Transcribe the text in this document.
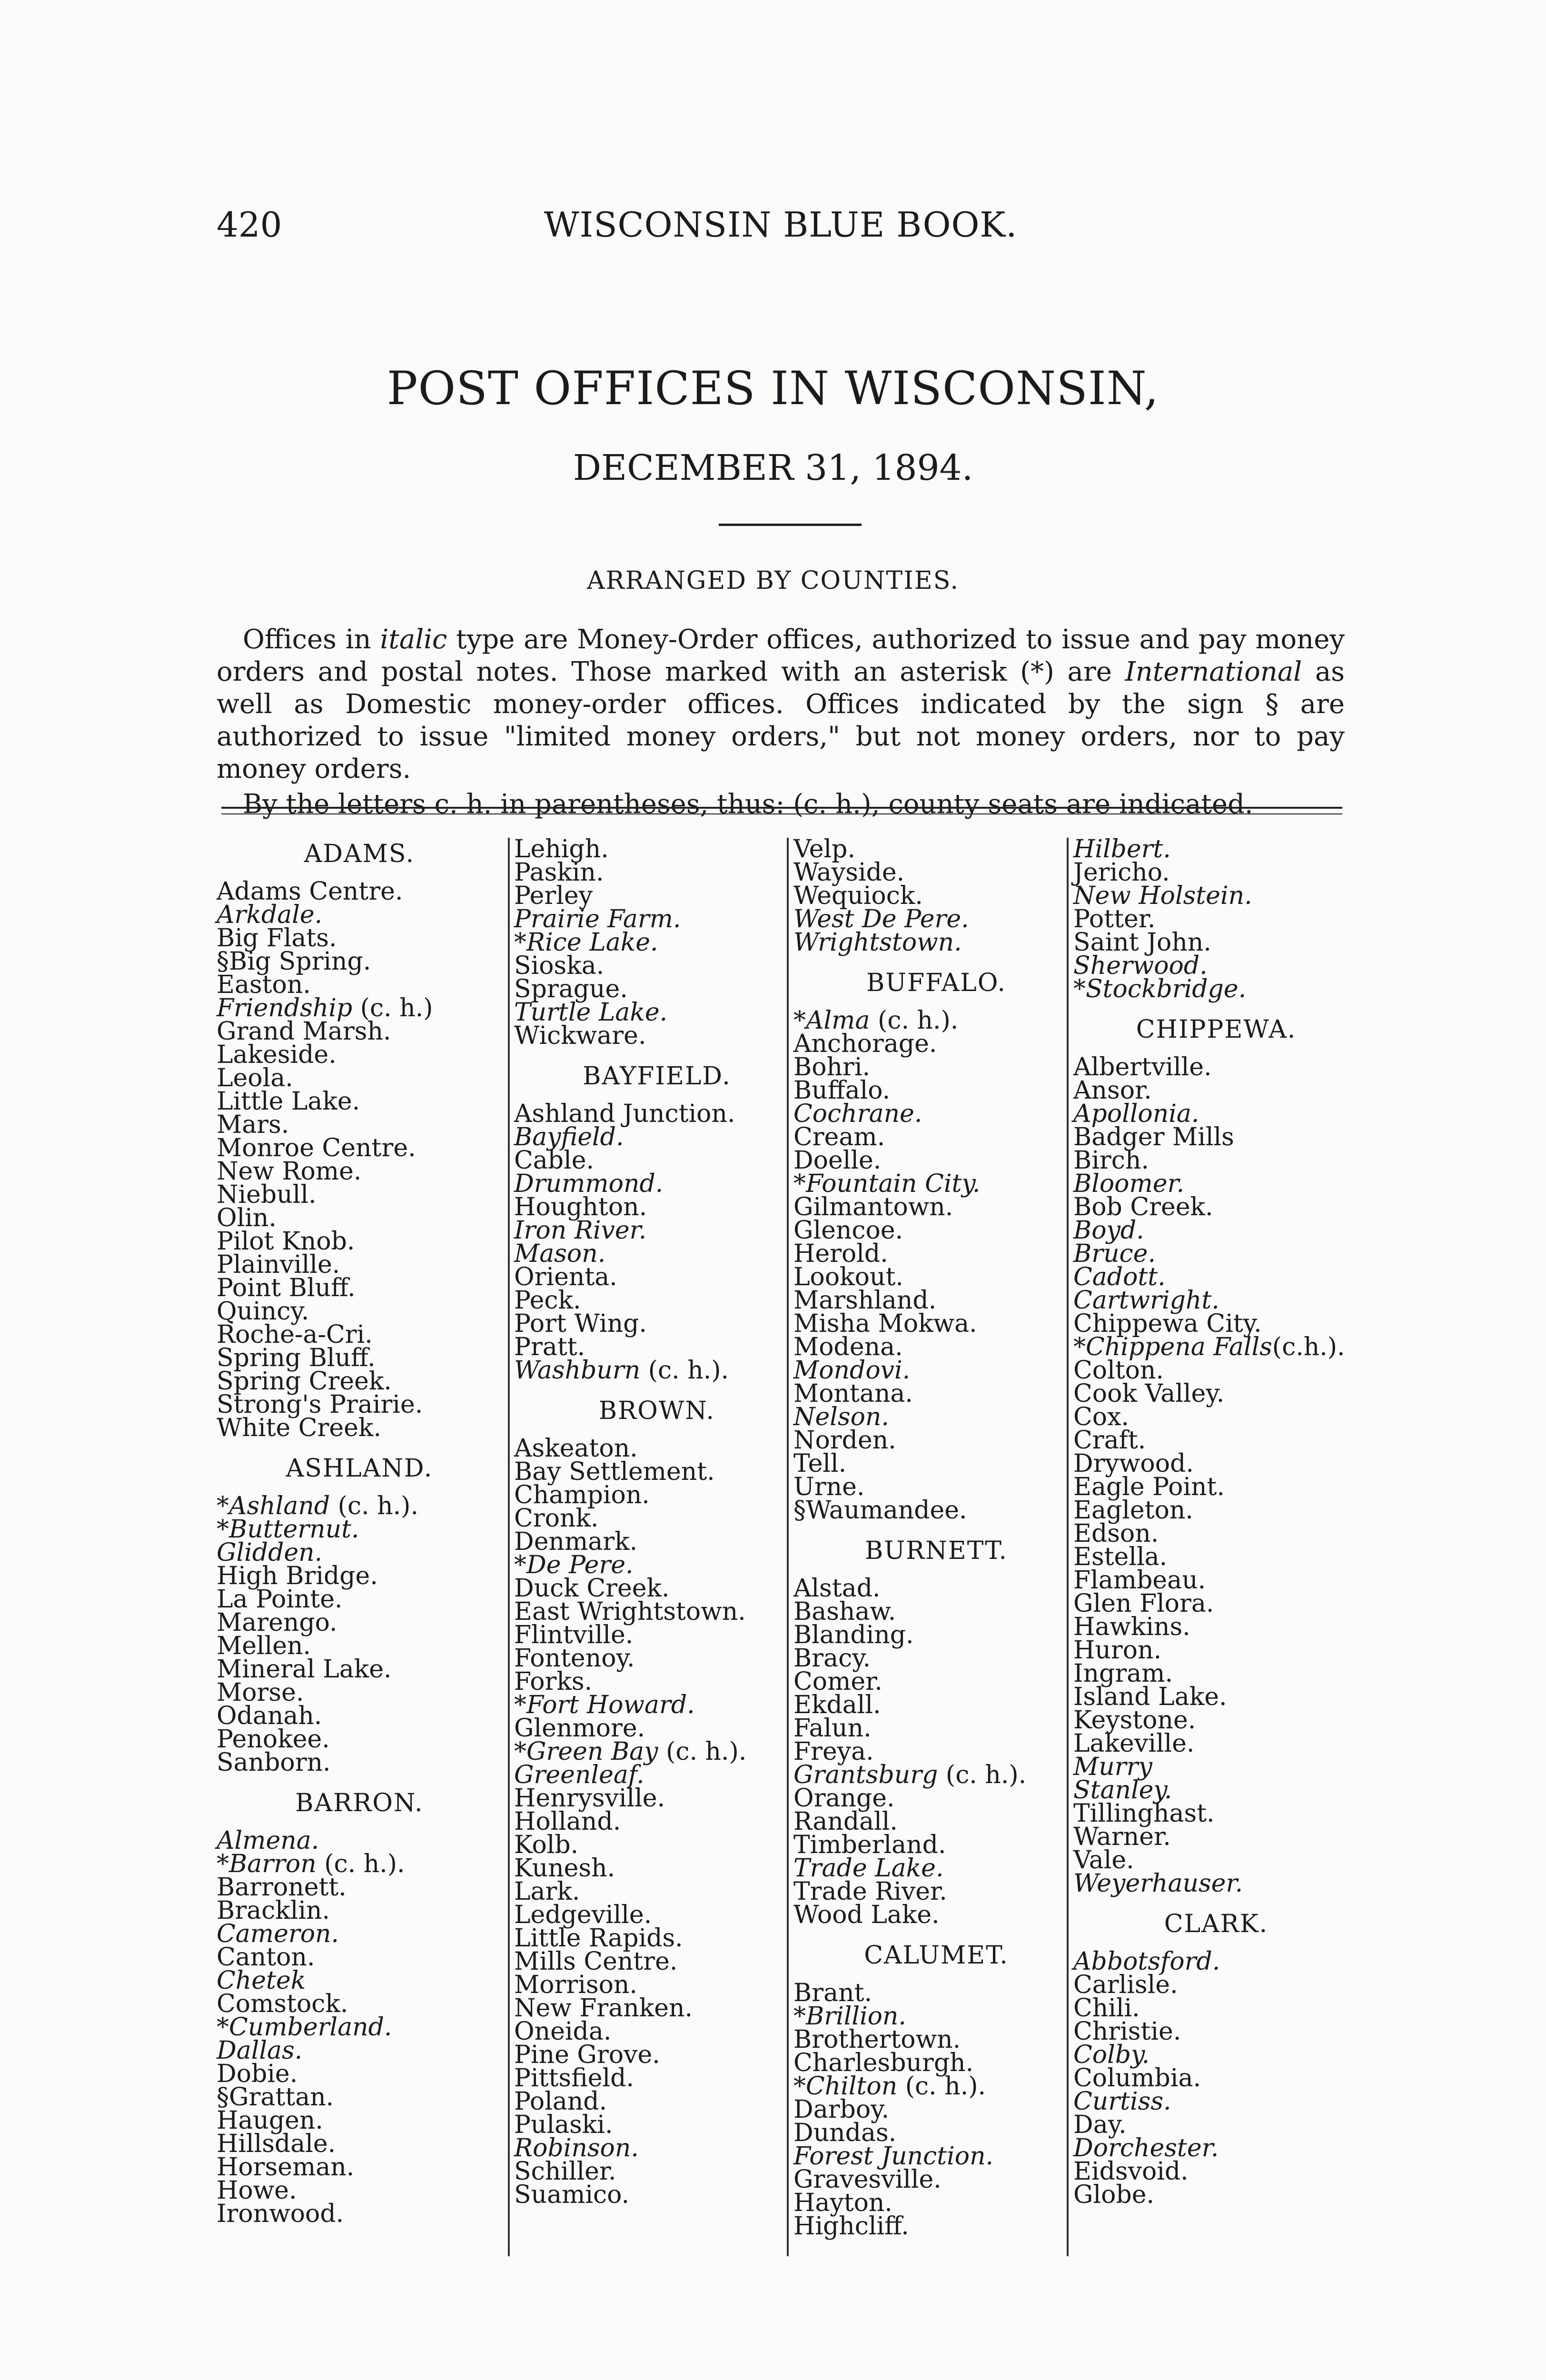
420	WISCONSIN BLUE BOOK.
POST OFFICES IN WISCONSIN,
DECEMBER 31, 1894.
ARRANGED BY COUNTIES.

Offices in italic type are Money-Order offices, authorized to issue and pay money orders and postal notes. Those marked with an asterisk (*) are International as well as Domestic money-order offices. Offices indicated by the sign § are authorized to issue "limited money orders," but not money orders, nor to pay money orders.

By the letters c. h. in parentheses, thus: (c. h.), county seats are indicated.

ADAMS.
Adams Centre.
Arkdale.
Big Flats.
§Big Spring.
Easton.
Friendship (c. h.)
Grand Marsh.
Lakeside.
Leola.
Little Lake.
Mars.
Monroe Centre.
New Rome.
Niebull.
Olin.
Pilot Knob.
Plainville.
Point Bluff.
Quincy.
Roche-a-Cri.
Spring Bluff.
Spring Creek.
Strong's Prairie.
White Creek.
ASHLAND.
*Ashland (c. h.).
*Butternut.
Glidden.
High Bridge.
La Pointe.
Marengo.
Mellen.
Mineral Lake.
Morse.
Odanah.
Penokee.
Sanborn.
BARRON.
Almena.
*Barron (c. h.).
Barronett.
Bracklin.
Cameron.
Canton.
Chetek
Comstock.
*Cumberland.
Dallas.
Dobie.
§Grattan.
Haugen.
Hillsdale.
Horseman.
Howe.
Ironwood.
Lehigh.
Paskin.
Perley
Prairie Farm.
*Rice Lake.
Sioska.
Sprague.
Turtle Lake.
Wickware.
BAYFIELD.
Ashland Junction.
Bayfield.
Cable.
Drummond.
Houghton.
Iron River.
Mason.
Orienta.
Peck.
Port Wing.
Pratt.
Washburn (c. h.).
BROWN.
Askeaton.
Bay Settlement.
Champion.
Cronk.
Denmark.
*De Pere.
Duck Creek.
East Wrightstown.
Flintville.
Fontenoy.
Forks.
*Fort Howard.
Glenmore.
*Green Bay (c. h.).
Greenleaf.
Henrysville.
Holland.
Kolb.
Kunesh.
Lark.
Ledgeville.
Little Rapids.
Mills Centre.
Morrison.
New Franken.
Oneida.
Pine Grove.
Pittsfield.
Poland.
Pulaski.
Robinson.
Schiller.
Suamico.
Velp.
Wayside.
Wequiock.
West De Pere.
Wrightstown.
BUFFALO.
*Alma (c. h.).
Anchorage.
Bohri.
Buffalo.
Cochrane.
Cream.
Doelle.
*Fountain City.
Gilmantown.
Glencoe.
Herold.
Lookout.
Marshland.
Misha Mokwa.
Modena.
Mondovi.
Montana.
Nelson.
Norden.
Tell.
Urne.
§Waumandee.
BURNETT.
Alstad.
Bashaw.
Blanding.
Bracy.
Comer.
Ekdall.
Falun.
Freya.
Grantsburg (c. h.).
Orange.
Randall.
Timberland.
Trade Lake.
Trade River.
Wood Lake.
CALUMET.
Brant.
*Brillion.
Brothertown.
Charlesburgh.
*Chilton (c. h.).
Darboy.
Dundas.
Forest Junction.
Gravesville.
Hayton.
Highcliff.
Hilbert.
Jericho.
New Holstein.
Potter.
Saint John.
Sherwood.
*Stockbridge.
CHIPPEWA.
Albertville.
Ansor.
Apollonia.
Badger Mills
Birch.
Bloomer.
Bob Creek.
Boyd.
Bruce.
Cadott.
Cartwright.
Chippewa City.
*Chippena Falls(c.h.).
Colton.
Cook Valley.
Cox.
Craft.
Drywood.
Eagle Point.
Eagleton.
Edson.
Estella.
Flambeau.
Glen Flora.
Hawkins.
Huron.
Ingram.
Island Lake.
Keystone.
Lakeville.
Murry
Stanley.
Tillinghast.
Warner.
Vale.
Weyerhauser.
CLARK.
Abbotsford.
Carlisle.
Chili.
Christie.
Colby.
Columbia.
Curtiss.
Day.
Dorchester.
Eidsvoid.
Globe.
